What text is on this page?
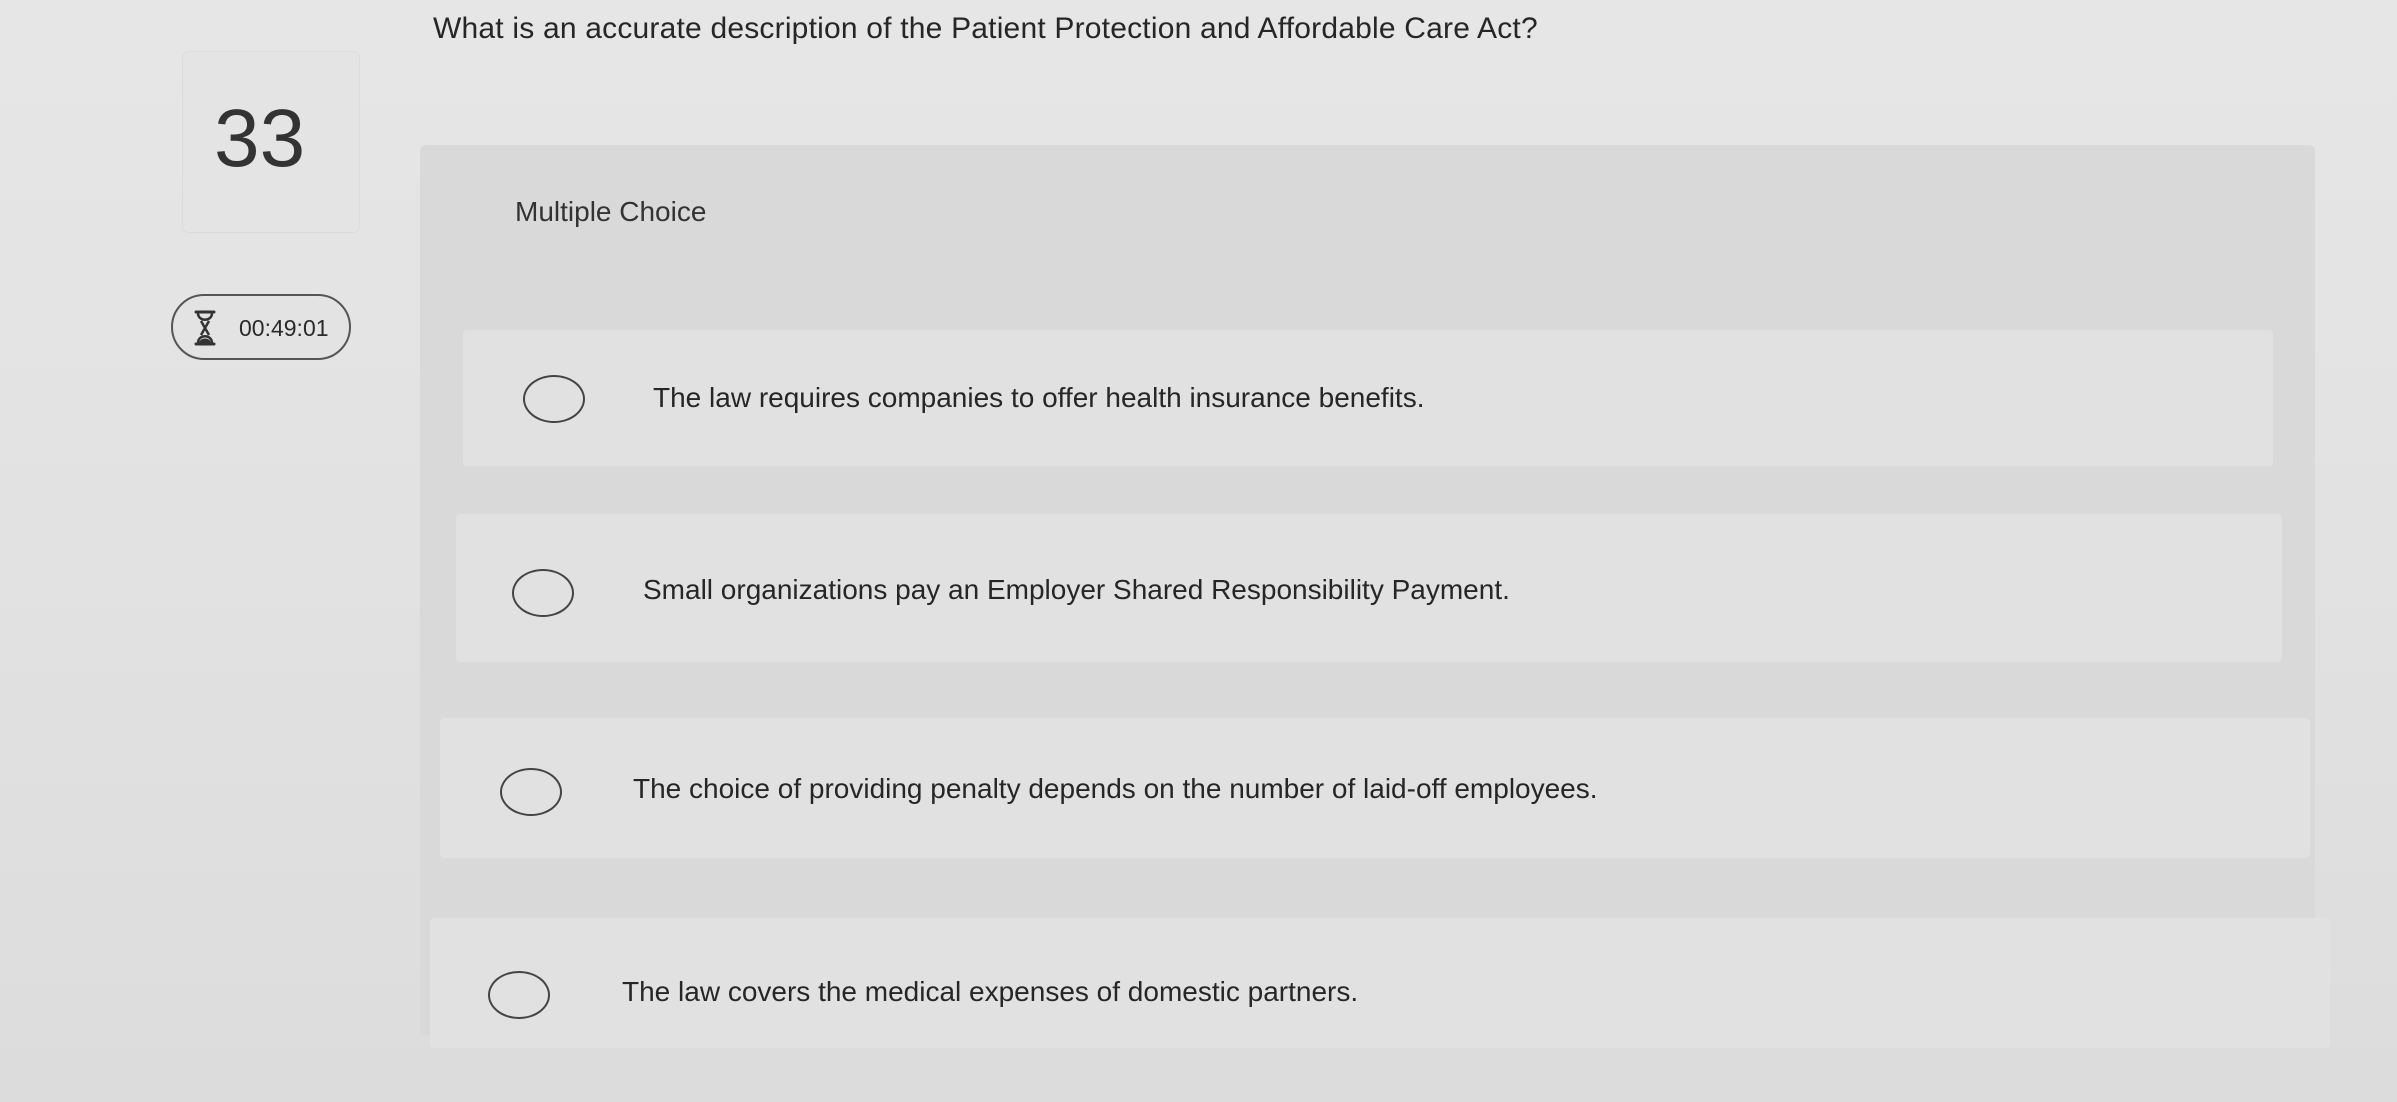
What is an accurate description of the Patient Protection and Affordable Care Act?
33
00:49:01
Multiple Choice
The law requires companies to offer health insurance benefits.
Small organizations pay an Employer Shared Responsibility Payment.
The choice of providing penalty depends on the number of laid-off employees.
The law covers the medical expenses of domestic partners.
